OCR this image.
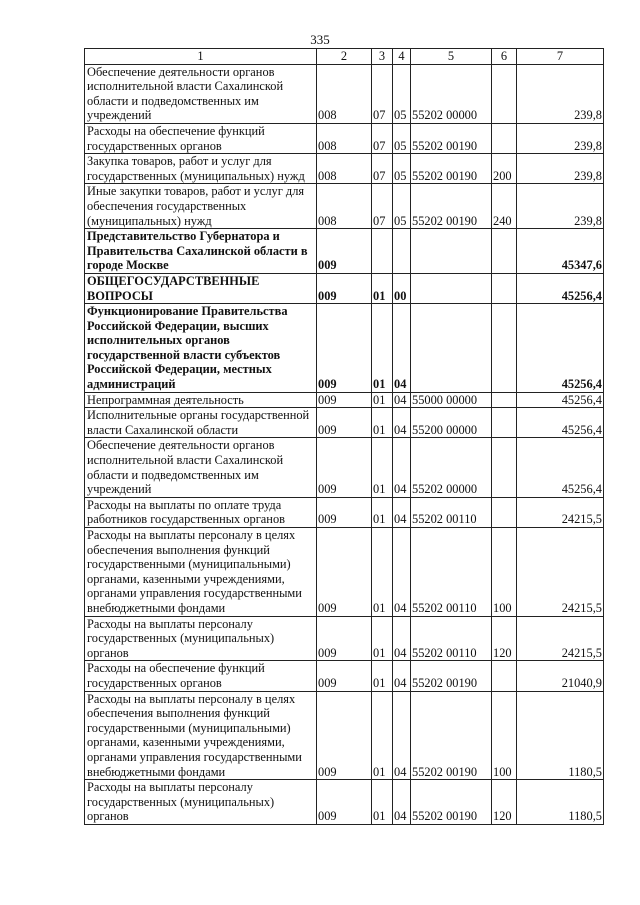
335
1	2	3	4	5	6	7
Обеспечение деятельности органов исполнительной власти Сахалинской области и подведомственных им учреждений	008	07	05	55202 00000		239,8
Расходы на обеспечение функций государственных органов	008	07	05	55202 00190		239,8
Закупка товаров, работ и услуг для государственных (муниципальных) нужд	008	07	05	55202 00190	200	239,8
Иные закупки товаров, работ и услуг для обеспечения государственных (муниципальных) нужд	008	07	05	55202 00190	240	239,8
Представительство Губернатора и Правительства Сахалинской области в городе Москве	009					45347,6
ОБЩЕГОСУДАРСТВЕННЫЕ ВОПРОСЫ	009	01	00			45256,4
Функционирование Правительства Российской Федерации, высших исполнительных органов государственной власти субъектов Российской Федерации, местных администраций	009	01	04			45256,4
Непрограммная деятельность	009	01	04	55000 00000		45256,4
Исполнительные органы государственной власти Сахалинской области	009	01	04	55200 00000		45256,4
Обеспечение деятельности органов исполнительной власти Сахалинской области и подведомственных им учреждений	009	01	04	55202 00000		45256,4
Расходы на выплаты по оплате труда работников государственных органов	009	01	04	55202 00110		24215,5
Расходы на выплаты персоналу в целях обеспечения выполнения функций государственными (муниципальными) органами, казенными учреждениями, органами управления государственными внебюджетными фондами	009	01	04	55202 00110	100	24215,5
Расходы на выплаты персоналу государственных (муниципальных) органов	009	01	04	55202 00110	120	24215,5
Расходы на обеспечение функций государственных органов	009	01	04	55202 00190		21040,9
Расходы на выплаты персоналу в целях обеспечения выполнения функций государственными (муниципальными) органами, казенными учреждениями, органами управления государственными внебюджетными фондами	009	01	04	55202 00190	100	1180,5
Расходы на выплаты персоналу государственных (муниципальных) органов	009	01	04	55202 00190	120	1180,5
